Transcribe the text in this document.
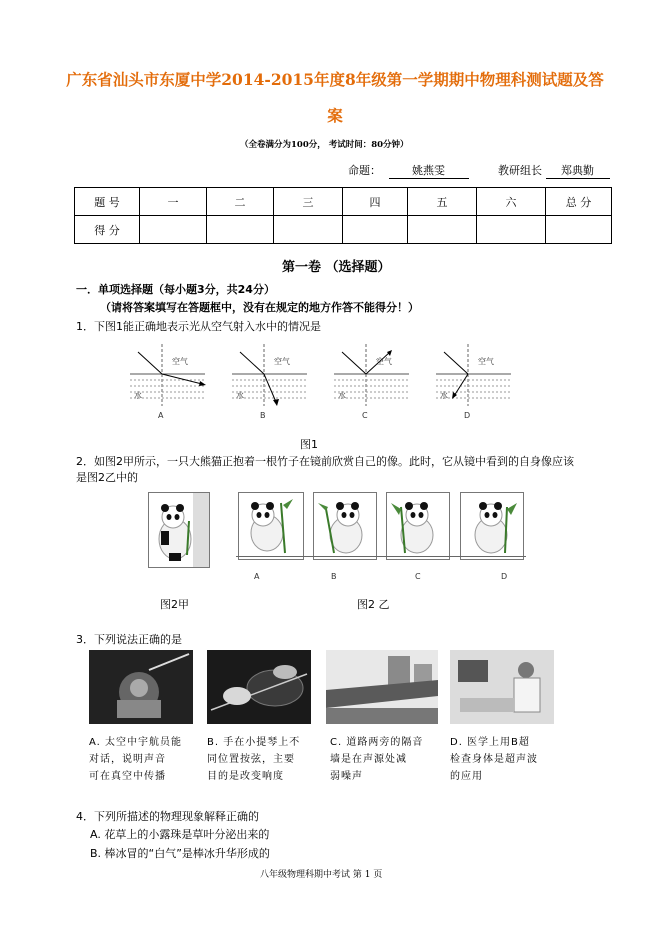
广东省汕头市东厦中学2014-2015年度8年级第一学期期中物理科测试题及答
案
（全卷满分为100分， 考试时间：80分钟）
命题：	姚燕雯	教研组长 郑典勤
题 号	一	二	三	四	五	六	总 分
得 分							
第一卷 （选择题）
一．单项选择题（每小题3分，共24分）
（请将答案填写在答题框中，没有在规定的地方作答不能得分！）
1．下图1能正确地表示光从空气射入水中的情况是
空气	空气	空气	空气
水	水	水	水
A	B	C	D
图1
2．如图2甲所示，一只大熊猫正抱着一根竹子在镜前欣赏自己的像。此时，它从镜中看到的自身像应该
是图2乙中的
A	B	C	D
图2甲	图2 乙
3．下列说法正确的是
A. 太空中宇航员能
对话，说明声音
可在真空中传播
B. 手在小提琴上不
同位置按弦，主要
目的是改变响度
C. 道路两旁的隔音
墙是在声源处减
弱噪声
D. 医学上用B超
检查身体是超声波
的应用
4．下列所描述的物理现象解释正确的
A. 花草上的小露珠是草叶分泌出来的
B. 棒冰冒的“白气”是棒冰升华形成的
八年级物理科期中考试 第 1 页
